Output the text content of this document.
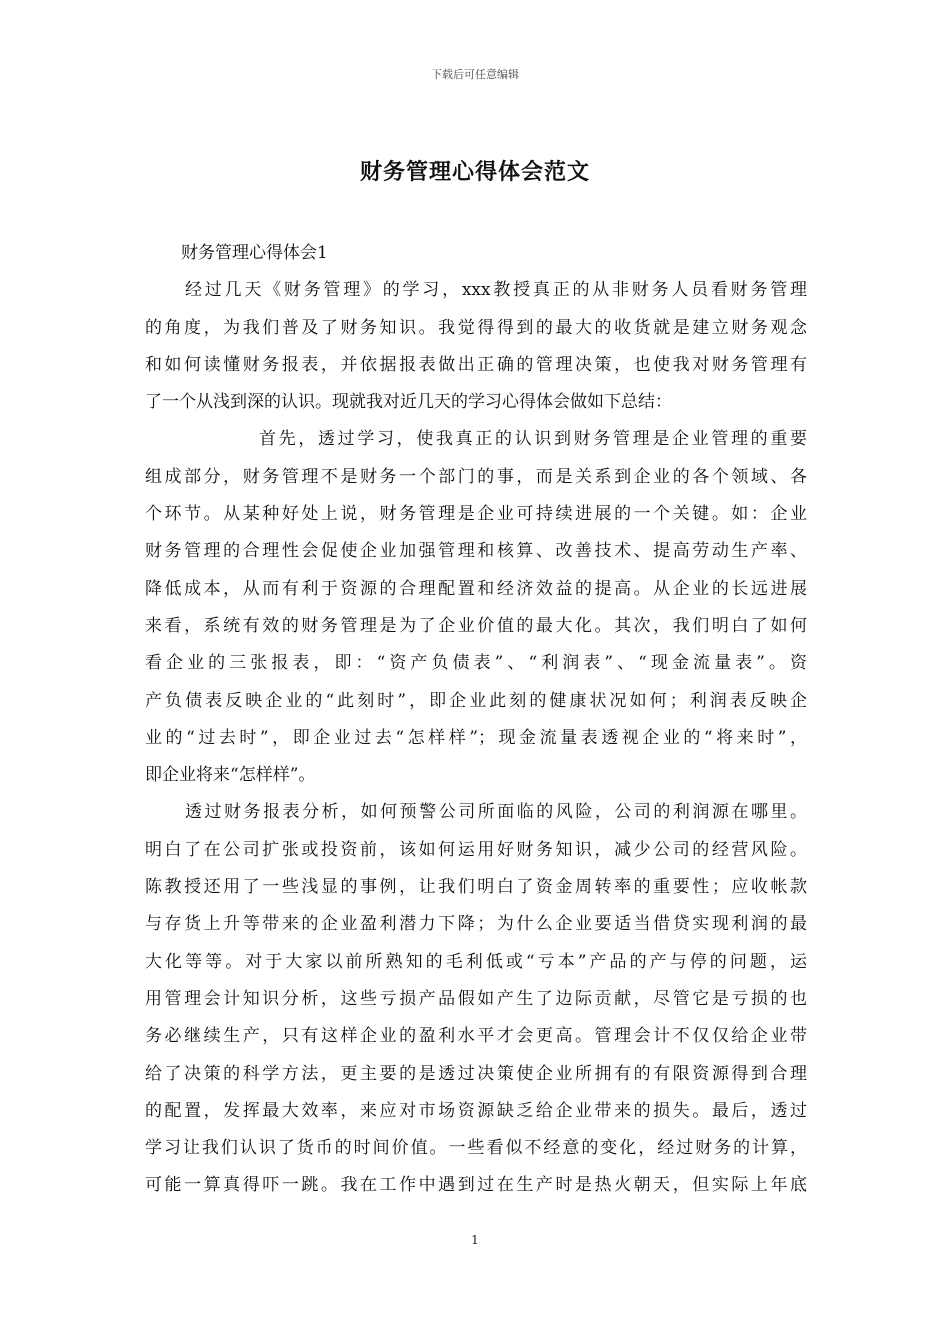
下载后可任意编辑
财务管理心得体会范文
财务管理心得体会1
经过几天《财务管理》的学习，xxx教授真正的从非财务人员看财务管理
的角度，为我们普及了财务知识。我觉得得到的最大的收货就是建立财务观念
和如何读懂财务报表，并依据报表做出正确的管理决策，也使我对财务管理有
了一个从浅到深的认识。现就我对近几天的学习心得体会做如下总结：
首先，透过学习，使我真正的认识到财务管理是企业管理的重要
组成部分，财务管理不是财务一个部门的事，而是关系到企业的各个领域、各
个环节。从某种好处上说，财务管理是企业可持续进展的一个关键。如：企业
财务管理的合理性会促使企业加强管理和核算、改善技术、提高劳动生产率、
降低成本，从而有利于资源的合理配置和经济效益的提高。从企业的长远进展
来看，系统有效的财务管理是为了企业价值的最大化。其次，我们明白了如何
看企业的三张报表，即：“资产负债表”、“利润表”、“现金流量表”。资
产负债表反映企业的“此刻时”，即企业此刻的健康状况如何；利润表反映企
业的“过去时”，即企业过去“怎样样”；现金流量表透视企业的“将来时”，
即企业将来“怎样样”。
透过财务报表分析，如何预警公司所面临的风险，公司的利润源在哪里。
明白了在公司扩张或投资前，该如何运用好财务知识，减少公司的经营风险。
陈教授还用了一些浅显的事例，让我们明白了资金周转率的重要性；应收帐款
与存货上升等带来的企业盈利潜力下降；为什么企业要适当借贷实现利润的最
大化等等。对于大家以前所熟知的毛利低或“亏本”产品的产与停的问题，运
用管理会计知识分析，这些亏损产品假如产生了边际贡献，尽管它是亏损的也
务必继续生产，只有这样企业的盈利水平才会更高。管理会计不仅仅给企业带
给了决策的科学方法，更主要的是透过决策使企业所拥有的有限资源得到合理
的配置，发挥最大效率，来应对市场资源缺乏给企业带来的损失。最后，透过
学习让我们认识了货币的时间价值。一些看似不经意的变化，经过财务的计算，
可能一算真得吓一跳。我在工作中遇到过在生产时是热火朝天，但实际上年底
1
